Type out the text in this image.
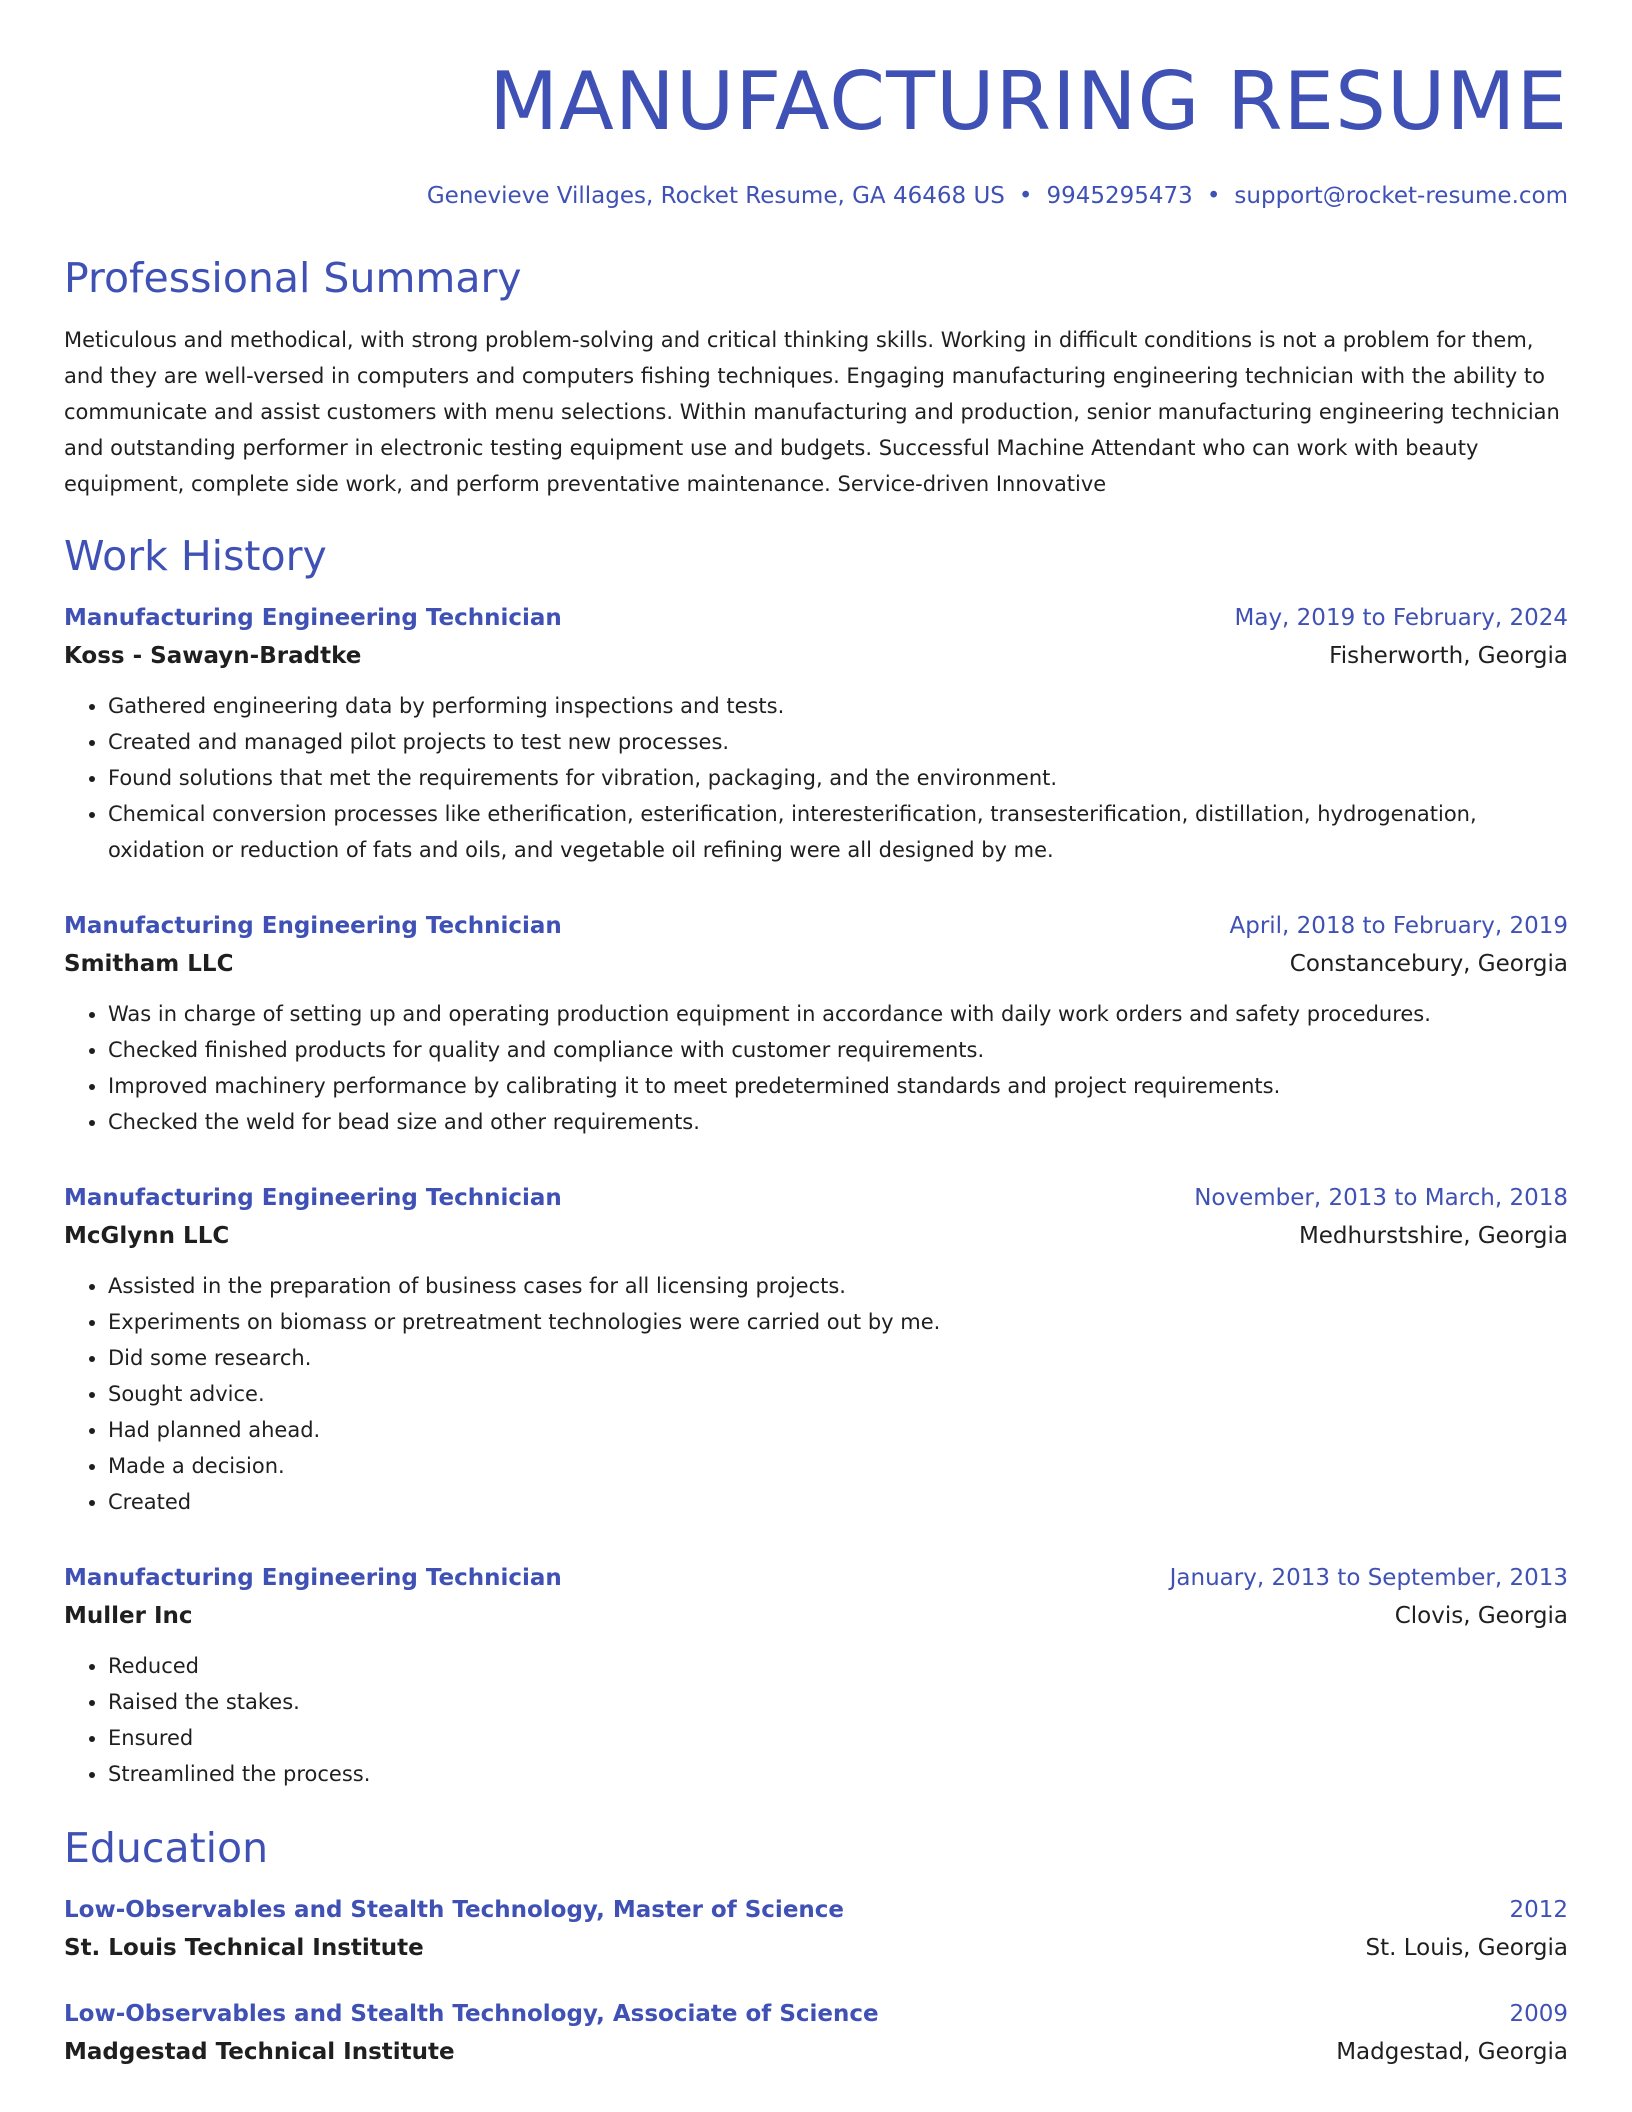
MANUFACTURING RESUME
Genevieve Villages, Rocket Resume, GA 46468 US • 9945295473 • support@rocket-resume.com
Professional Summary
Meticulous and methodical, with strong problem-solving and critical thinking skills. Working in difficult conditions is not a problem for them, and they are well-versed in computers and computers fishing techniques. Engaging manufacturing engineering technician with the ability to communicate and assist customers with menu selections. Within manufacturing and production, senior manufacturing engineering technician and outstanding performer in electronic testing equipment use and budgets. Successful Machine Attendant who can work with beauty equipment, complete side work, and perform preventative maintenance. Service-driven Innovative
Work History
Manufacturing Engineering Technician	May, 2019 to February, 2024
Koss - Sawayn-Bradtke	Fisherworth, Georgia
• Gathered engineering data by performing inspections and tests.
• Created and managed pilot projects to test new processes.
• Found solutions that met the requirements for vibration, packaging, and the environment.
• Chemical conversion processes like etherification, esterification, interesterification, transesterification, distillation, hydrogenation, oxidation or reduction of fats and oils, and vegetable oil refining were all designed by me.
Manufacturing Engineering Technician	April, 2018 to February, 2019
Smitham LLC	Constancebury, Georgia
• Was in charge of setting up and operating production equipment in accordance with daily work orders and safety procedures.
• Checked finished products for quality and compliance with customer requirements.
• Improved machinery performance by calibrating it to meet predetermined standards and project requirements.
• Checked the weld for bead size and other requirements.
Manufacturing Engineering Technician	November, 2013 to March, 2018
McGlynn LLC	Medhurstshire, Georgia
• Assisted in the preparation of business cases for all licensing projects.
• Experiments on biomass or pretreatment technologies were carried out by me.
• Did some research.
• Sought advice.
• Had planned ahead.
• Made a decision.
• Created
Manufacturing Engineering Technician	January, 2013 to September, 2013
Muller Inc	Clovis, Georgia
• Reduced
• Raised the stakes.
• Ensured
• Streamlined the process.
Education
Low-Observables and Stealth Technology, Master of Science	2012
St. Louis Technical Institute	St. Louis, Georgia
Low-Observables and Stealth Technology, Associate of Science	2009
Madgestad Technical Institute	Madgestad, Georgia
